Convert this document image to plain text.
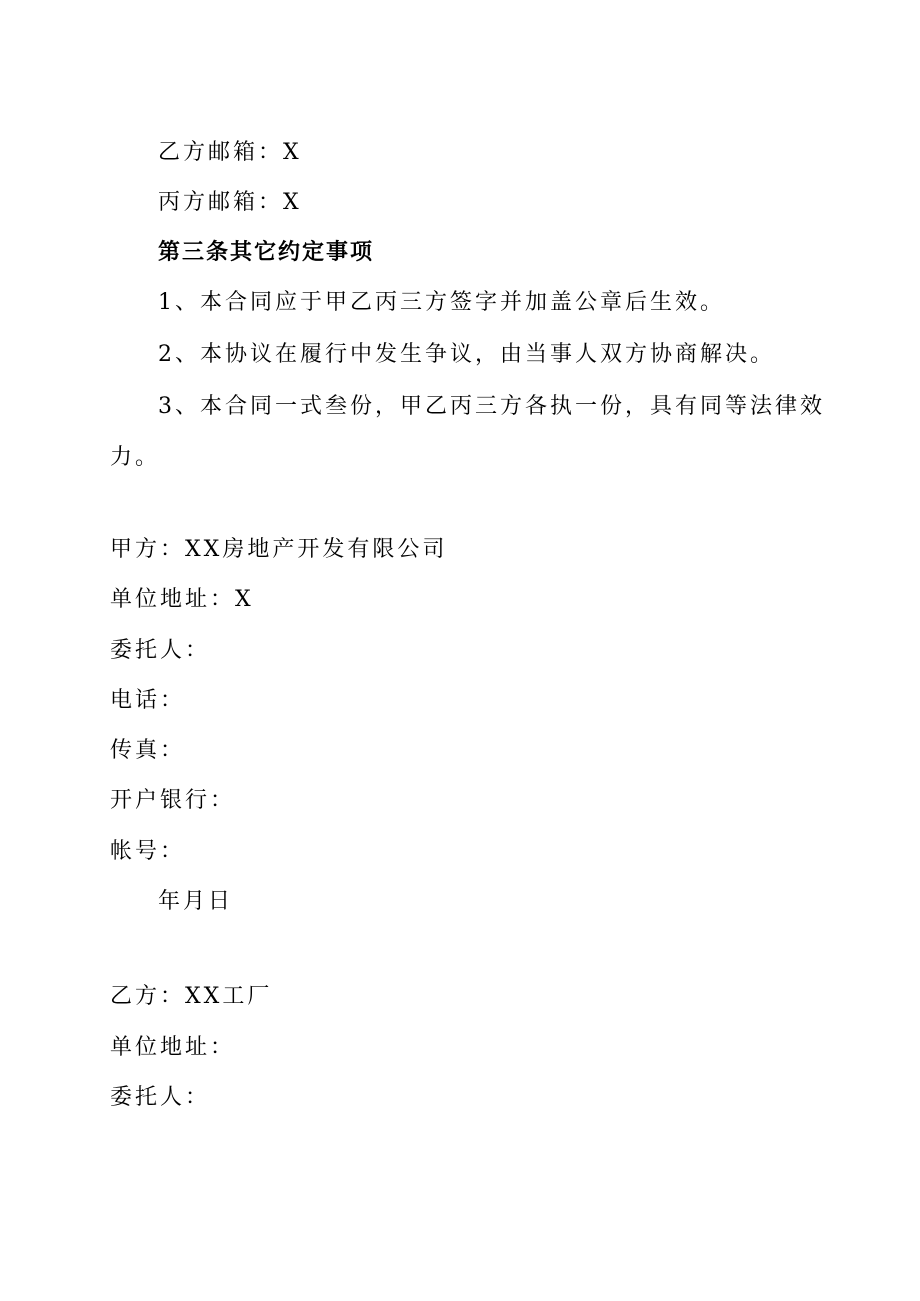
乙方邮箱：X
丙方邮箱：X
第三条其它约定事项
1、本合同应于甲乙丙三方签字并加盖公章后生效。
2、本协议在履行中发生争议，由当事人双方协商解决。
3、本合同一式叁份，甲乙丙三方各执一份，具有同等法律效
力。
甲方：XX房地产开发有限公司
单位地址：X
委托人：
电话：
传真：
开户银行：
帐号：
年月日
乙方：XX工厂
单位地址：
委托人：
